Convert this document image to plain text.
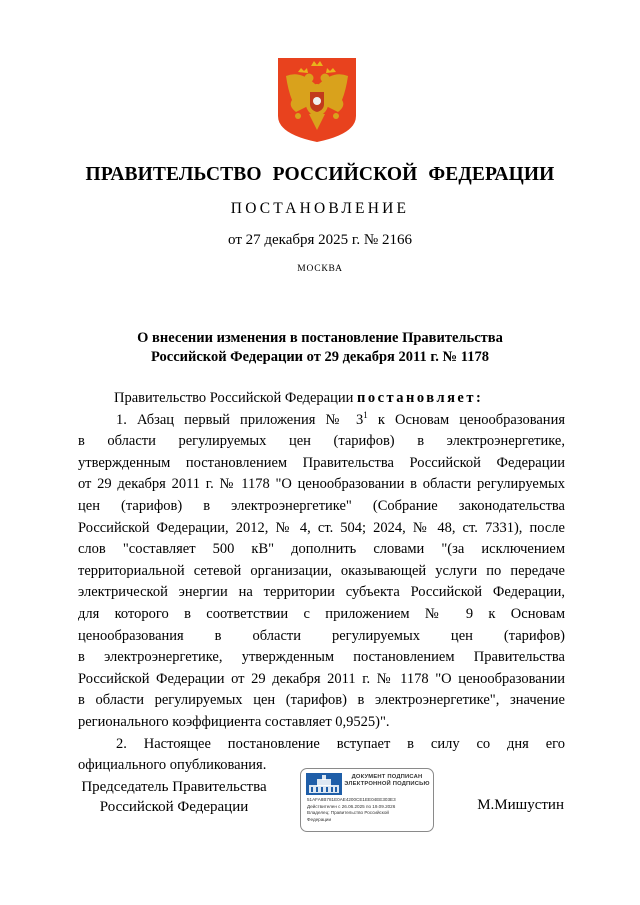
ПРАВИТЕЛЬСТВО РОССИЙСКОЙ ФЕДЕРАЦИИ
ПОСТАНОВЛЕНИЕ
от 27 декабря 2025 г. № 2166
МОСКВА
О внесении изменения в постановление Правительства
Российской Федерации от 29 декабря 2011 г. № 1178
Правительство Российской Федерации постановляет:
1. Абзац первый приложения № $3^1$ к Основам ценообразования
в области регулируемых цен (тарифов) в электроэнергетике,
утвержденным постановлением Правительства Российской Федерации
от 29 декабря 2011 г. № 1178 "О ценообразовании в области регулируемых
цен (тарифов) в электроэнергетике" (Собрание законодательства
Российской Федерации, 2012, № 4, ст. 504; 2024, № 48, ст. 7331), после
слов "составляет 500 кВ" дополнить словами "(за исключением
территориальной сетевой организации, оказывающей услуги по передаче
электрической энергии на территории субъекта Российской Федерации,
для которого в соответствии с приложением № 9 к Основам
ценообразования в области регулируемых цен (тарифов)
в электроэнергетике, утвержденным постановлением Правительства
Российской Федерации от 29 декабря 2011 г. № 1178 "О ценообразовании
в области регулируемых цен (тарифов) в электроэнергетике", значение
регионального коэффициента составляет 0,9525)".
2. Настоящее постановление вступает в силу со дня его
официального опубликования.
Председатель Правительства
Российской Федерации
ДОКУМЕНТ ПОДПИСАН
ЭЛЕКТРОННОЙ ПОДПИСЬЮ
51AFA8B781E0AE4200CE1EE04EE303E3
Действителен с 26.06.2025 по 19.09.2026
Владелец: Правительство Российской
Федерации
М.Мишустин
